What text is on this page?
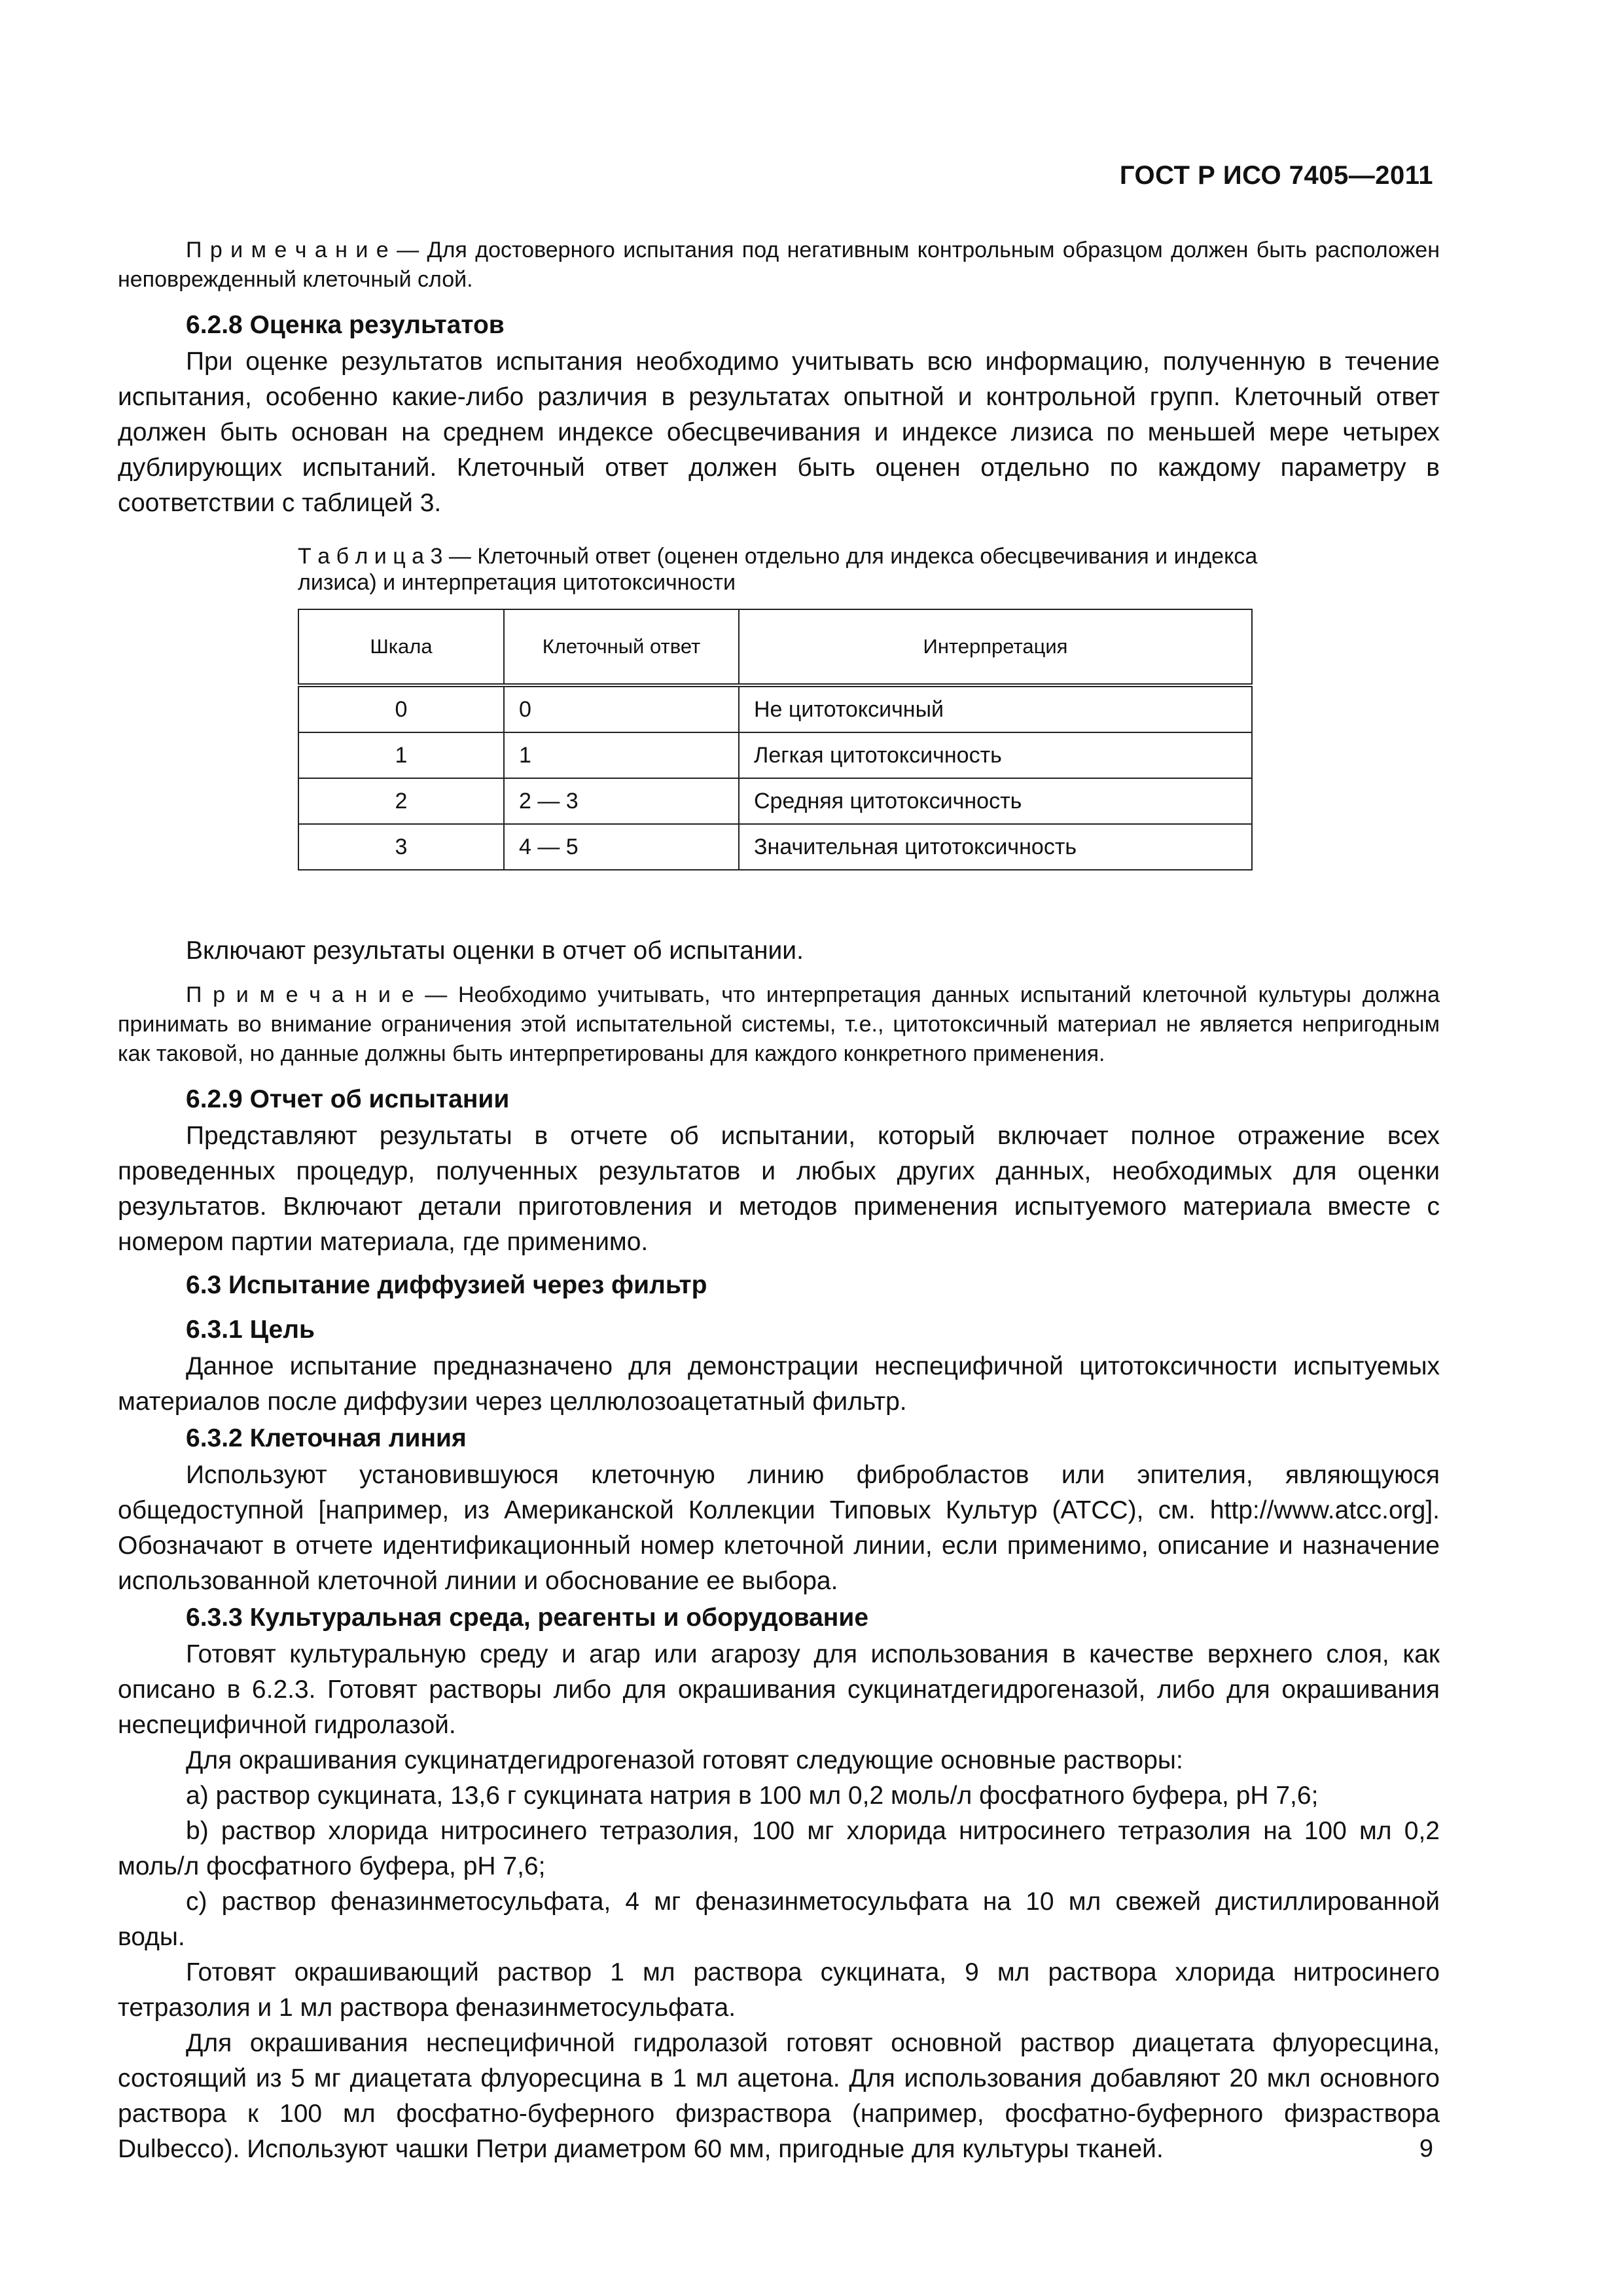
ГОСТ Р ИСО 7405—2011

П р и м е ч а н и е — Для достоверного испытания под негативным контрольным образцом должен быть расположен неповрежденный клеточный слой.

6.2.8 Оценка результатов

При оценке результатов испытания необходимо учитывать всю информацию, полученную в течение испытания, особенно какие-либо различия в результатах опытной и контрольной групп. Клеточный ответ должен быть основан на среднем индексе обесцвечивания и индексе лизиса по меньшей мере четырех дублирующих испытаний. Клеточный ответ должен быть оценен отдельно по каждому параметру в соответствии с таблицей 3.

Т а б л и ц а 3 — Клеточный ответ (оценен отдельно для индекса обесцвечивания и индекса лизиса) и интерпретация цитотоксичности

Шкала	Клеточный ответ	Интерпретация
0	0	Не цитотоксичный
1	1	Легкая цитотоксичность
2	2 — 3	Средняя цитотоксичность
3	4 — 5	Значительная цитотоксичность

Включают результаты оценки в отчет об испытании.

П р и м е ч а н и е — Необходимо учитывать, что интерпретация данных испытаний клеточной культуры должна принимать во внимание ограничения этой испытательной системы, т.е., цитотоксичный материал не является непригодным как таковой, но данные должны быть интерпретированы для каждого конкретного применения.

6.2.9 Отчет об испытании

Представляют результаты в отчете об испытании, который включает полное отражение всех проведенных процедур, полученных результатов и любых других данных, необходимых для оценки результатов. Включают детали приготовления и методов применения испытуемого материала вместе с номером партии материала, где применимо.

6.3 Испытание диффузией через фильтр
6.3.1 Цель

Данное испытание предназначено для демонстрации неспецифичной цитотоксичности испытуемых материалов после диффузии через целлюлозоацетатный фильтр.

6.3.2 Клеточная линия

Используют установившуюся клеточную линию фибробластов или эпителия, являющуюся общедоступной [например, из Американской Коллекции Типовых Культур (АТСС), см. http://www.atcc.org]. Обозначают в отчете идентификационный номер клеточной линии, если применимо, описание и назначение использованной клеточной линии и обоснование ее выбора.

6.3.3 Культуральная среда, реагенты и оборудование

Готовят культуральную среду и агар или агарозу для использования в качестве верхнего слоя, как описано в 6.2.3. Готовят растворы либо для окрашивания сукцинатдегидрогеназой, либо для окрашивания неспецифичной гидролазой.

Для окрашивания сукцинатдегидрогеназой готовят следующие основные растворы:

a) раствор сукцината, 13,6 г сукцината натрия в 100 мл 0,2 моль/л фосфатного буфера, pH 7,6;

b) раствор хлорида нитросинего тетразолия, 100 мг хлорида нитросинего тетразолия на 100 мл 0,2 моль/л фосфатного буфера, pH 7,6;

c) раствор феназинметосульфата, 4 мг феназинметосульфата на 10 мл свежей дистиллированной воды.

Готовят окрашивающий раствор 1 мл раствора сукцината, 9 мл раствора хлорида нитросинего тетразолия и 1 мл раствора феназинметосульфата.

Для окрашивания неспецифичной гидролазой готовят основной раствор диацетата флуоресцина, состоящий из 5 мг диацетата флуоресцина в 1 мл ацетона. Для использования добавляют 20 мкл основного раствора к 100 мл фосфатно-буферного физраствора (например, фосфатно-буферного физраствора Dulbecco). Используют чашки Петри диаметром 60 мм, пригодные для культуры тканей.	9
